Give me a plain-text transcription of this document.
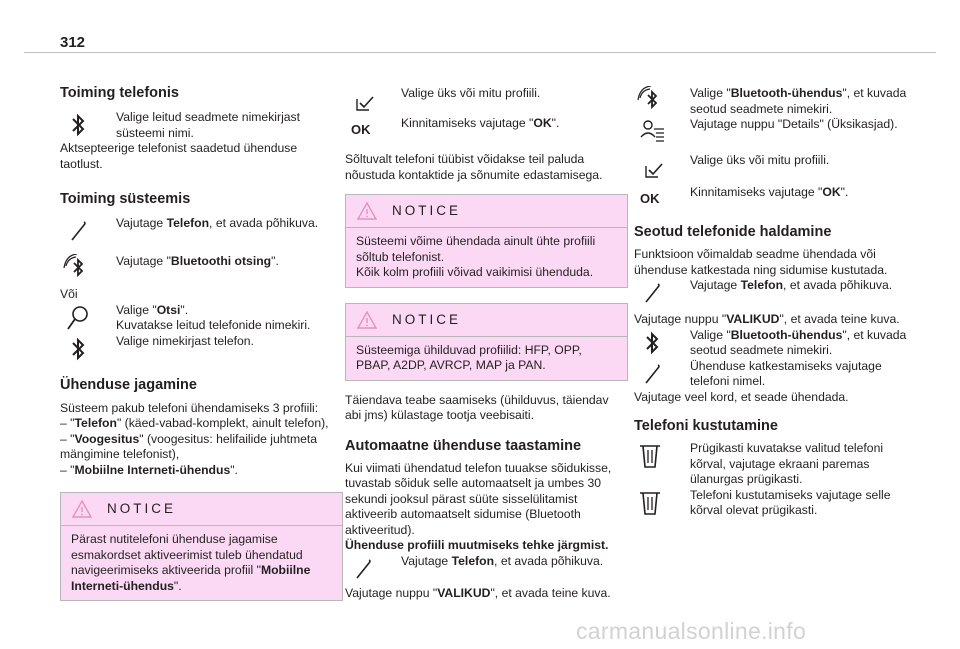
312
Toiming telefonis

Valige leitud seadmete nimekirjast süsteemi nimi.

Aktsepteerige telefonist saadetud ühenduse taotlust.

Toiming süsteemis

Vajutage Telefon, et avada põhikuva.

Vajutage "Bluetoothi otsing".

Või

Valige "Otsi".

Kuvatakse leitud telefonide nimekiri.

Valige nimekirjast telefon.

Ühenduse jagamine

Süsteem pakub telefoni ühendamiseks 3 profiili:

– "Telefon" (käed-vabad-komplekt, ainult telefon),

– "Voogesitus" (voogesitus: helifailide juhtmeta mängimine telefonist),

– "Mobiilne Interneti-ühendus".

NOTICE

Pärast nutitelefoni ühenduse jagamise esmakordset aktiveerimist tuleb ühendatud navigeerimiseks aktiveerida profiil "Mobiilne Interneti-ühendus".

Valige üks või mitu profiili.

OK	Kinnitamiseks vajutage "OK".

Sõltuvalt telefoni tüübist võidakse teil paluda nõustuda kontaktide ja sõnumite edastamisega.

NOTICE

Süsteemi võime ühendada ainult ühte profiili sõltub telefonist.

Kõik kolm profiili võivad vaikimisi ühenduda.

NOTICE

Süsteemiga ühilduvad profiilid: HFP, OPP, PBAP, A2DP, AVRCP, MAP ja PAN.

Täiendava teabe saamiseks (ühilduvus, täiendav abi jms) külastage tootja veebisaiti.

Automaatne ühenduse taastamine

Kui viimati ühendatud telefon tuuakse sõidukisse, tuvastab sõiduk selle automaatselt ja umbes 30 sekundi jooksul pärast süüte sisselülitamist aktiveerib automaatselt sidumise (Bluetooth aktiveeritud).

Ühenduse profiili muutmiseks tehke järgmist.

Vajutage Telefon, et avada põhikuva.

Vajutage nuppu "VALIKUD", et avada teine kuva.

Valige "Bluetooth-ühendus", et kuvada seotud seadmete nimekiri.

Vajutage nuppu "Details" (Üksikasjad).

Valige üks või mitu profiili.

OK	Kinnitamiseks vajutage "OK".

Seotud telefonide haldamine

Funktsioon võimaldab seadme ühendada või ühenduse katkestada ning sidumise kustutada.

Vajutage Telefon, et avada põhikuva.

Vajutage nuppu "VALIKUD", et avada teine kuva.

Valige "Bluetooth-ühendus", et kuvada seotud seadmete nimekiri.

Ühenduse katkestamiseks vajutage telefoni nimel.

Vajutage veel kord, et seade ühendada.

Telefoni kustutamine

Prügikasti kuvatakse valitud telefoni kõrval, vajutage ekraani paremas ülanurgas prügikasti.

Telefoni kustutamiseks vajutage selle kõrval olevat prügikasti.

carmanualsonline.info
